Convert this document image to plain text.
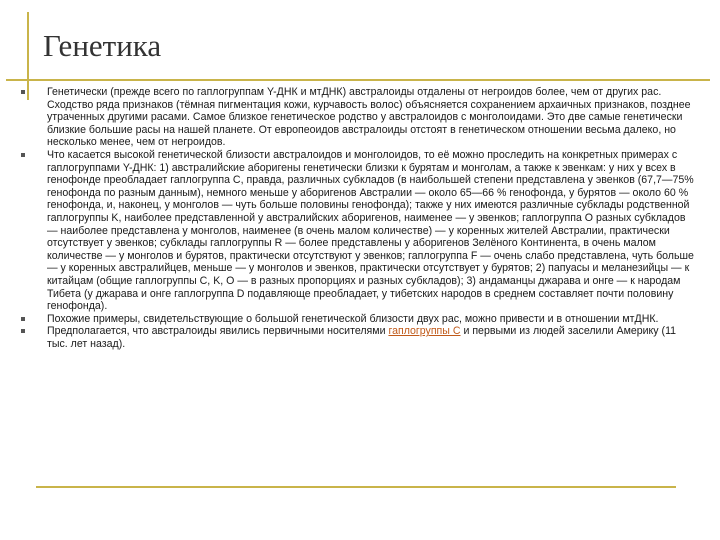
Генетика
Генетически (прежде всего по гаплогруппам Y-ДНК и мтДНК) австралоиды отдалены от негроидов более, чем от других рас. Сходство ряда признаков (тёмная пигментация кожи, курчавость волос) объясняется сохранением архаичных признаков, позднее утраченных другими расами. Самое близкое генетическое родство у австралоидов с монголоидами. Это две самые генетически близкие большие расы на нашей планете. От европеоидов австралоиды отстоят в генетическом отношении весьма далеко, но несколько менее, чем от негроидов.
Что касается высокой генетической близости австралоидов и монголоидов, то её можно проследить на конкретных примерах с гаплогруппами Y-ДНК: 1) австралийские аборигены генетически близки к бурятам и монголам, а также к эвенкам: у них у всех в генофонде преобладает гаплогруппа C, правда, различных субкладов (в наибольшей степени представлена у эвенков (67,7—75% генофонда по разным данным), немного меньше у аборигенов Австралии — около 65—66 % генофонда, у бурятов — около 60 % генофонда, и, наконец, у монголов — чуть больше половины генофонда); также у них имеются различные субклады родственной гаплогруппы K, наиболее представленной у австралийских аборигенов, наименее — у эвенков; гаплогруппа O разных субкладов — наиболее представлена у монголов, наименее (в очень малом количестве) — у коренных жителей Австралии, практически отсутствует у эвенков; субклады гаплогруппы R — более представлены у аборигенов Зелёного Континента, в очень малом количестве — у монголов и бурятов, практически отсутствуют у эвенков; гаплогруппа F — очень слабо представлена, чуть больше — у коренных австралийцев, меньше — у монголов и эвенков, практически отсутствует у бурятов; 2) папуасы и меланезийцы — к китайцам (общие гаплогруппы C, K, O — в разных пропорциях и разных субкладов); 3) андаманцы джарава и онге — к народам Тибета (у джарава и онге гаплогруппа D подавляюще преобладает, у тибетских народов в среднем составляет почти половину генофонда).
Похожие примеры, свидетельствующие о большой генетической близости двух рас, можно привести и в отношении мтДНК.
Предполагается, что австралоиды явились первичными носителями гаплогруппы C и первыми из людей заселили Америку (11 тыс. лет назад).
